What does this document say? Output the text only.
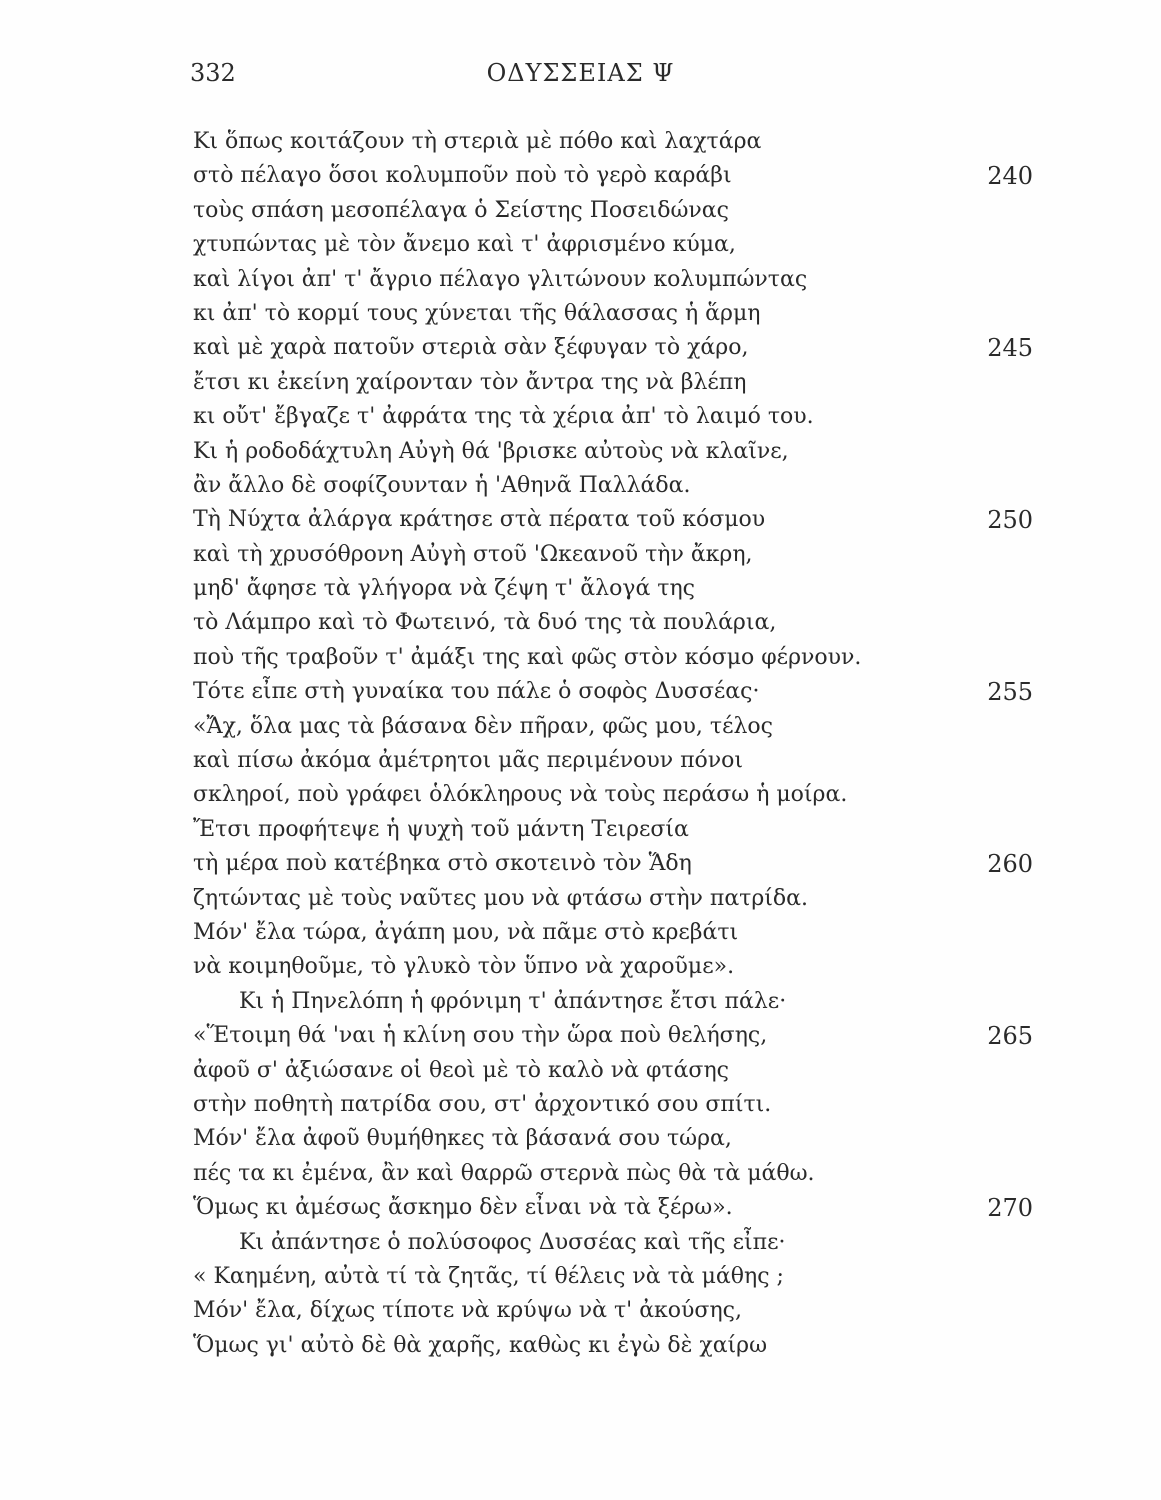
332	ΟΔΥΣΣΕΙΑΣ Ψ
Κι ὅπως κοιτάζουν τὴ στεριὰ μὲ πόθο καὶ λαχτάρα
στὸ πέλαγο ὅσοι κολυμποῦν ποὺ τὸ γερὸ καράβι	240
τοὺς σπάση μεσοπέλαγα ὁ Σείστης Ποσειδώνας
χτυπώντας μὲ τὸν ἄνεμο καὶ τ' ἀφρισμένο κύμα,
καὶ λίγοι ἀπ' τ' ἄγριο πέλαγο γλιτώνουν κολυμπώντας
κι ἀπ' τὸ κορμί τους χύνεται τῆς θάλασσας ἡ ἅρμη
καὶ μὲ χαρὰ πατοῦν στεριὰ σὰν ξέφυγαν τὸ χάρο,	245
ἔτσι κι ἐκείνη χαίρονταν τὸν ἄντρα της νὰ βλέπη
κι οὔτ' ἔβγαζε τ' ἀφράτα της τὰ χέρια ἀπ' τὸ λαιμό του.
Κι ἡ ροδοδάχτυλη Αὐγὴ θά 'βρισκε αὐτοὺς νὰ κλαῖνε,
ἂν ἄλλο δὲ σοφίζουνταν ἡ 'Αθηνᾶ Παλλάδα.
Τὴ Νύχτα ἀλάργα κράτησε στὰ πέρατα τοῦ κόσμου	250
καὶ τὴ χρυσόθρονη Αὐγὴ στοῦ 'Ωκεανοῦ τὴν ἄκρη,
μηδ' ἄφησε τὰ γλήγορα νὰ ζέψη τ' ἄλογά της
τὸ Λάμπρο καὶ τὸ Φωτεινό, τὰ δυό της τὰ πουλάρια,
ποὺ τῆς τραβοῦν τ' ἀμάξι της καὶ φῶς στὸν κόσμο φέρνουν.
Τότε εἶπε στὴ γυναίκα του πάλε ὁ σοφὸς Δυσσέας·	255
«Ἄχ, ὅλα μας τὰ βάσανα δὲν πῆραν, φῶς μου, τέλος
καὶ πίσω ἀκόμα ἀμέτρητοι μᾶς περιμένουν πόνοι
σκληροί, ποὺ γράφει ὁλόκληρους νὰ τοὺς περάσω ἡ μοίρα.
Ἔτσι προφήτεψε ἡ ψυχὴ τοῦ μάντη Τειρεσία
τὴ μέρα ποὺ κατέβηκα στὸ σκοτεινὸ τὸν Ἅδη	260
ζητώντας μὲ τοὺς ναῦτες μου νὰ φτάσω στὴν πατρίδα.
Μόν' ἔλα τώρα, ἀγάπη μου, νὰ πᾶμε στὸ κρεβάτι
νὰ κοιμηθοῦμε, τὸ γλυκὸ τὸν ὕπνο νὰ χαροῦμε».
Κι ἡ Πηνελόπη ἡ φρόνιμη τ' ἀπάντησε ἔτσι πάλε·
«Ἕτοιμη θά 'ναι ἡ κλίνη σου τὴν ὥρα ποὺ θελήσης,	265
ἀφοῦ σ' ἀξιώσανε οἱ θεοὶ μὲ τὸ καλὸ νὰ φτάσης
στὴν ποθητὴ πατρίδα σου, στ' ἀρχοντικό σου σπίτι.
Μόν' ἔλα ἀφοῦ θυμήθηκες τὰ βάσανά σου τώρα,
πές τα κι ἐμένα, ἂν καὶ θαρρῶ στερνὰ πὼς θὰ τὰ μάθω.
Ὅμως κι ἀμέσως ἄσκημο δὲν εἶναι νὰ τὰ ξέρω».	270
Κι ἀπάντησε ὁ πολύσοφος Δυσσέας καὶ τῆς εἶπε·
« Καημένη, αὐτὰ τί τὰ ζητᾶς, τί θέλεις νὰ τὰ μάθης ;
Μόν' ἔλα, δίχως τίποτε νὰ κρύψω νὰ τ' ἀκούσης,
Ὅμως γι' αὐτὸ δὲ θὰ χαρῆς, καθὼς κι ἐγὼ δὲ χαίρω
